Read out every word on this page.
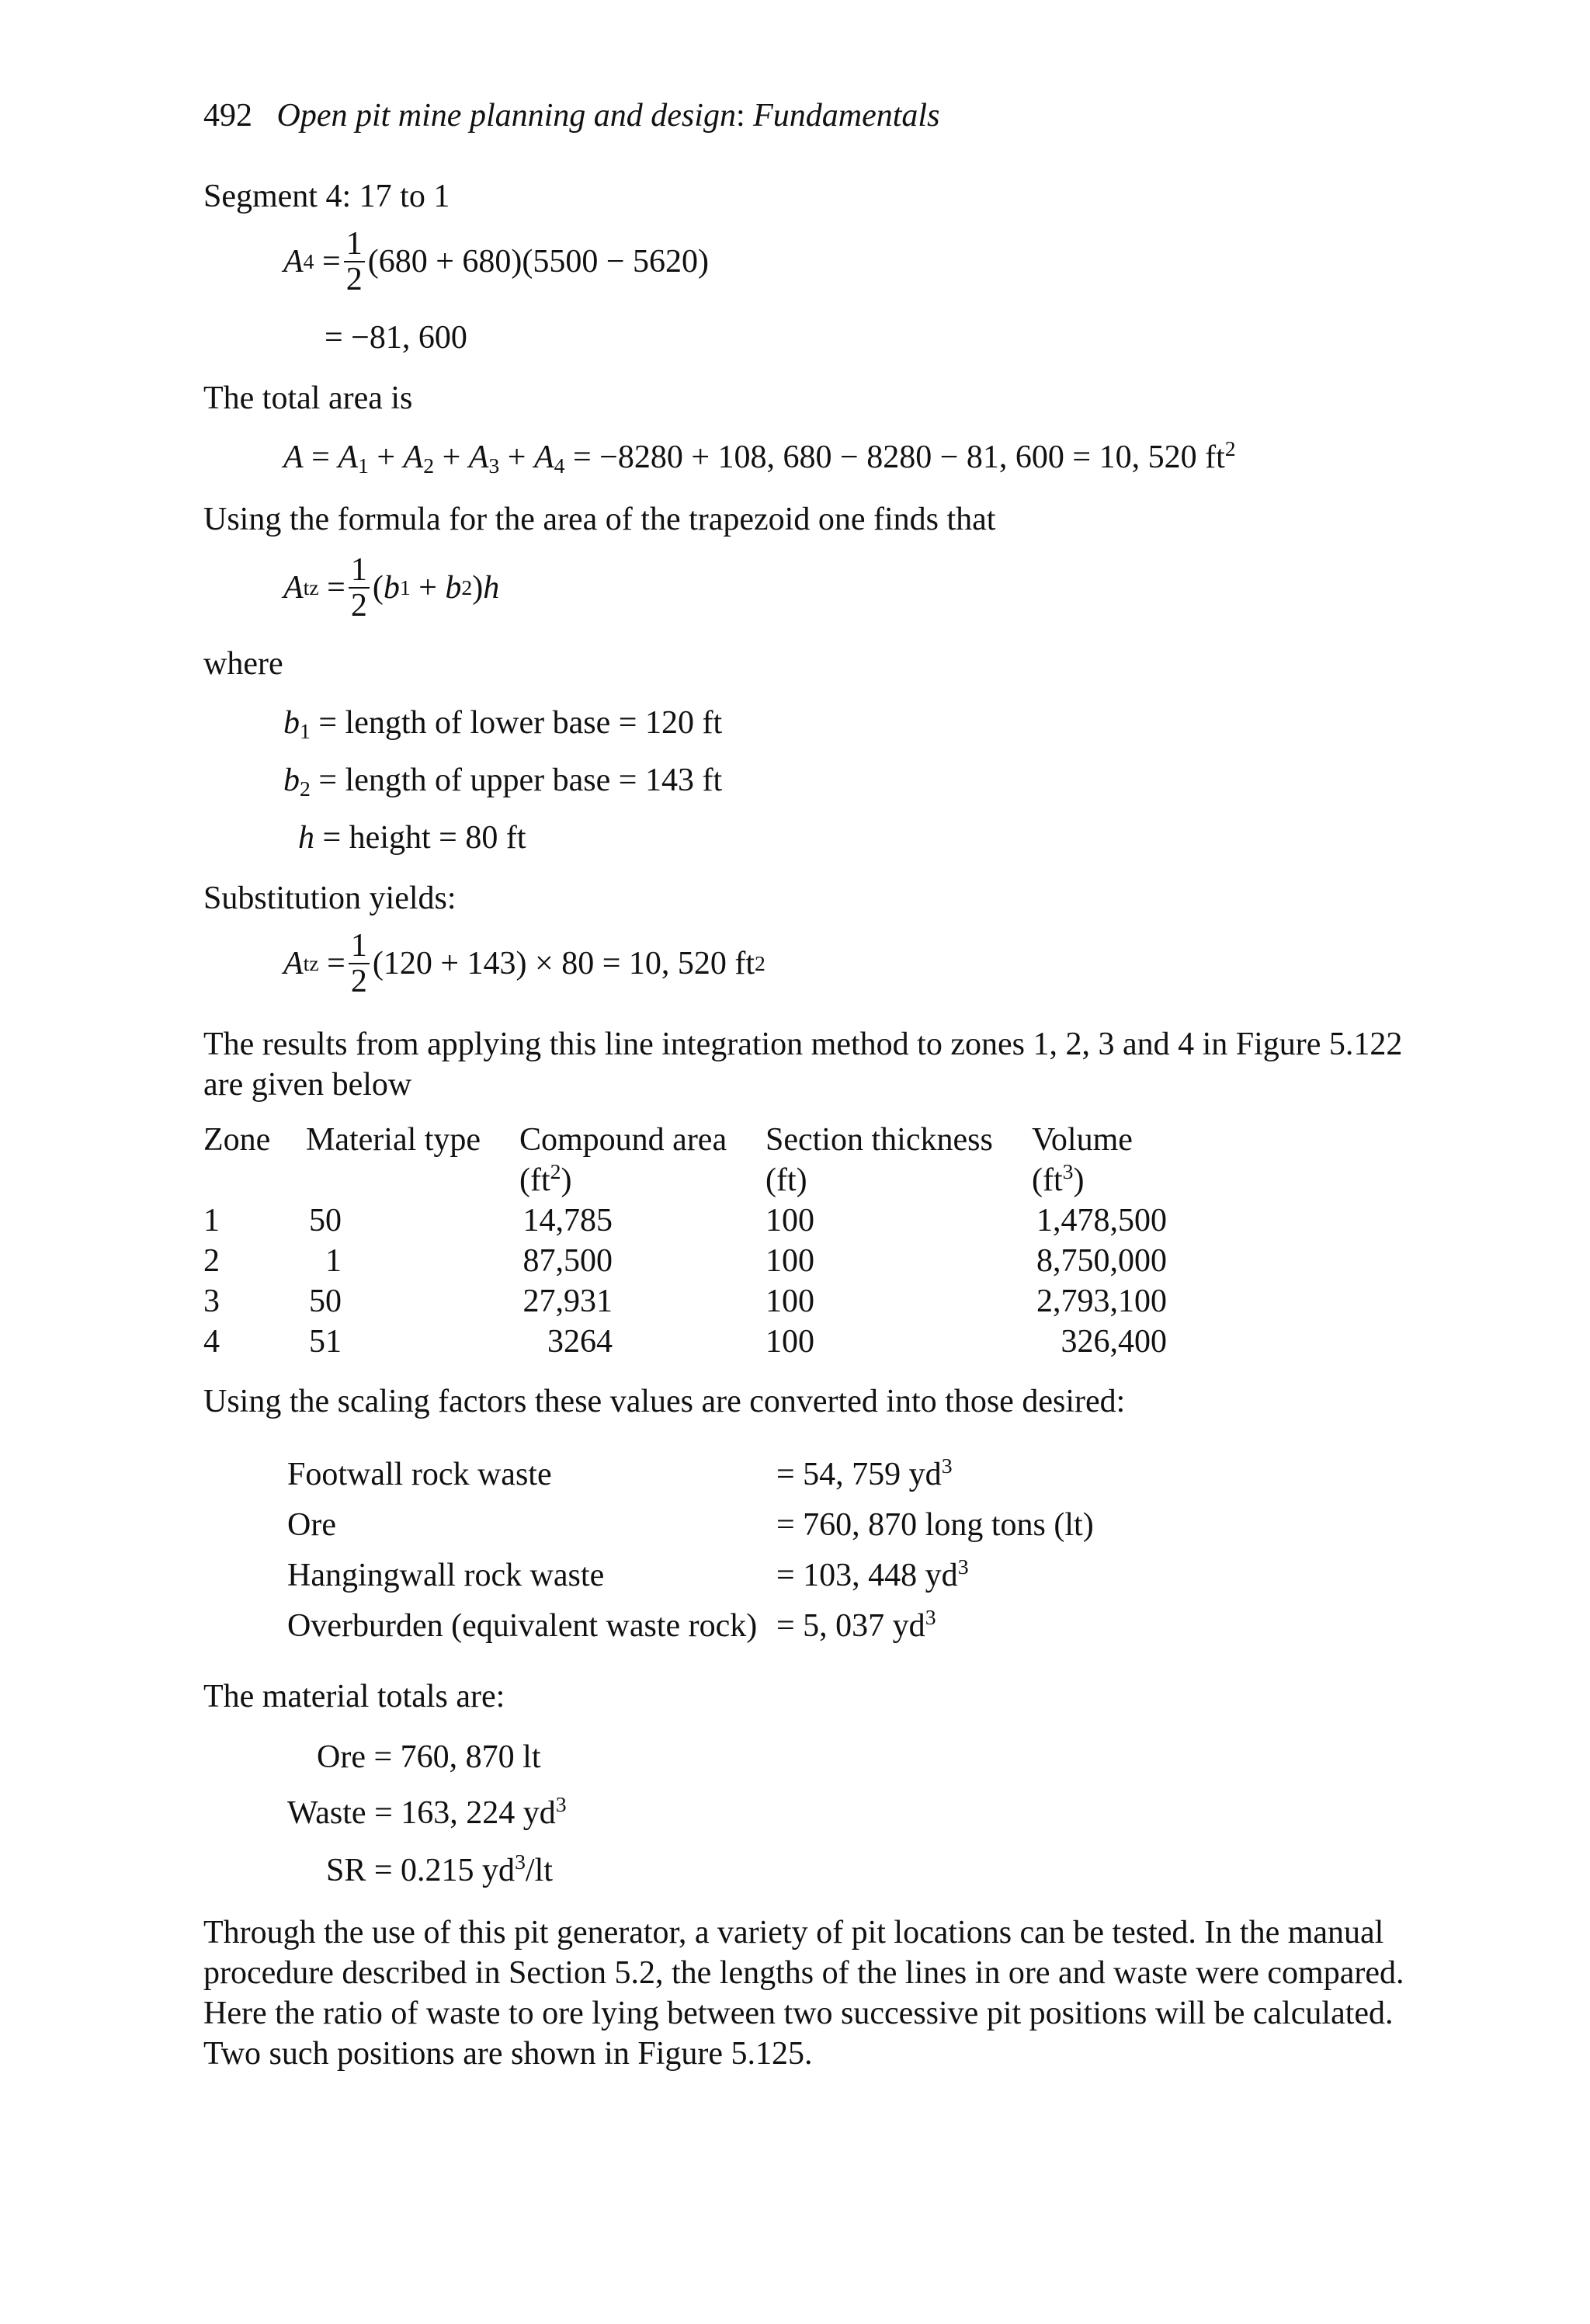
492 Open pit mine planning and design: Fundamentals
Segment 4: 17 to 1
A $4 = \frac{1}{2} (680 + 680)(5500 - 5620)$
= −81, 600
The total area is
$A = A_1 + A_2 + A_3 + A_4 = -8280 + 108$, 680 − 8280 − 81, 600 = 10, 520 $ft^2$
Using the formula for the area of the trapezoid one finds that
A tz = $\frac{1}{2}$ ( b 1 + b 2 ) h
where
$b_1$ = length of lower base = 120 ft
$b_2$ = length of upper base = 143 ft
h = height = 80 ft
Substitution yields:
A tz = $\frac{1}{2} (120 + 143) \times 80 = 10$, 520 ft 2
The results from applying this line integration method to zones 1, 2, 3 and 4 in Figure 5.122
are given below
Zone	Material type	Compound area	Section thickness	Volume
		$(ft^2)$	(ft)	$(ft^3)$
1	50	14,785	100	1,478,500
2	1	87,500	100	8,750,000
3	50	27,931	100	2,793,100
4	51	3264	100	326,400
Using the scaling factors these values are converted into those desired:
Footwall rock waste	= 54, 759 $yd^3$
Ore	= 760, 870 long tons (lt)
Hangingwall rock waste	= 103, 448 $yd^3$
Overburden (equivalent waste rock) = 5, 037 $yd^3$
The material totals are:
Ore = 760, 870 lt
Waste = 163, 224 $yd^3$
SR = 0.215 $yd^3/lt$
Through the use of this pit generator, a variety of pit locations can be tested. In the manual
procedure described in Section 5.2, the lengths of the lines in ore and waste were compared.
Here the ratio of waste to ore lying between two successive pit positions will be calculated.
Two such positions are shown in Figure 5.125.
